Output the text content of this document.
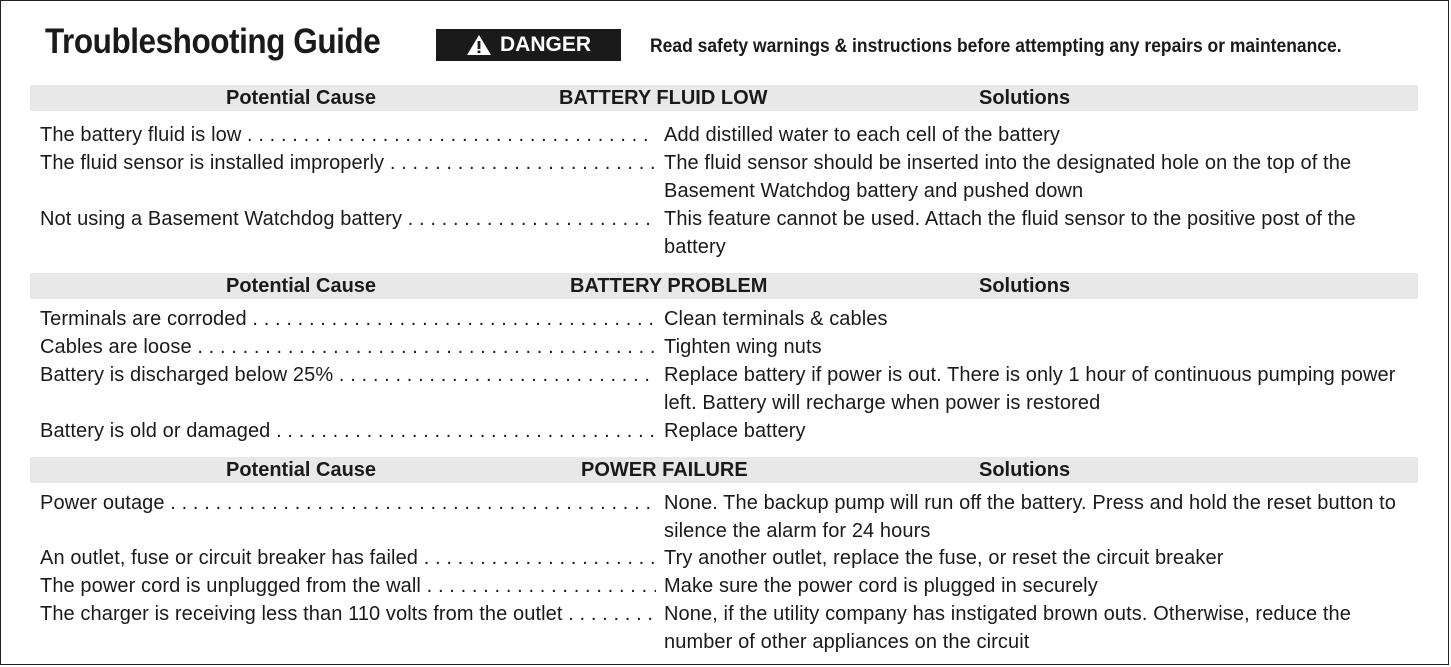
Troubleshooting Guide	DANGER	Read safety warnings & instructions before attempting any repairs or maintenance.
Potential Cause	BATTERY FLUID LOW	Solutions
The battery fluid is low . . .	Add distilled water to each cell of the battery
The fluid sensor is installed improperly . . .	The fluid sensor should be inserted into the designated hole on the top of the Basement Watchdog battery and pushed down
Not using a Basement Watchdog battery . . .	This feature cannot be used. Attach the fluid sensor to the positive post of the battery
Potential Cause	BATTERY PROBLEM	Solutions
Terminals are corroded . . .	Clean terminals & cables
Cables are loose . . .	Tighten wing nuts
Battery is discharged below 25% . . .	Replace battery if power is out. There is only 1 hour of continuous pumping power left. Battery will recharge when power is restored
Battery is old or damaged . . .	Replace battery
Potential Cause	POWER FAILURE	Solutions
Power outage . . .	None. The backup pump will run off the battery. Press and hold the reset button to silence the alarm for 24 hours
An outlet, fuse or circuit breaker has failed . . .	Try another outlet, replace the fuse, or reset the circuit breaker
The power cord is unplugged from the wall . . .	Make sure the power cord is plugged in securely
The charger is receiving less than 110 volts from the outlet . . .	None, if the utility company has instigated brown outs. Otherwise, reduce the number of other appliances on the circuit
